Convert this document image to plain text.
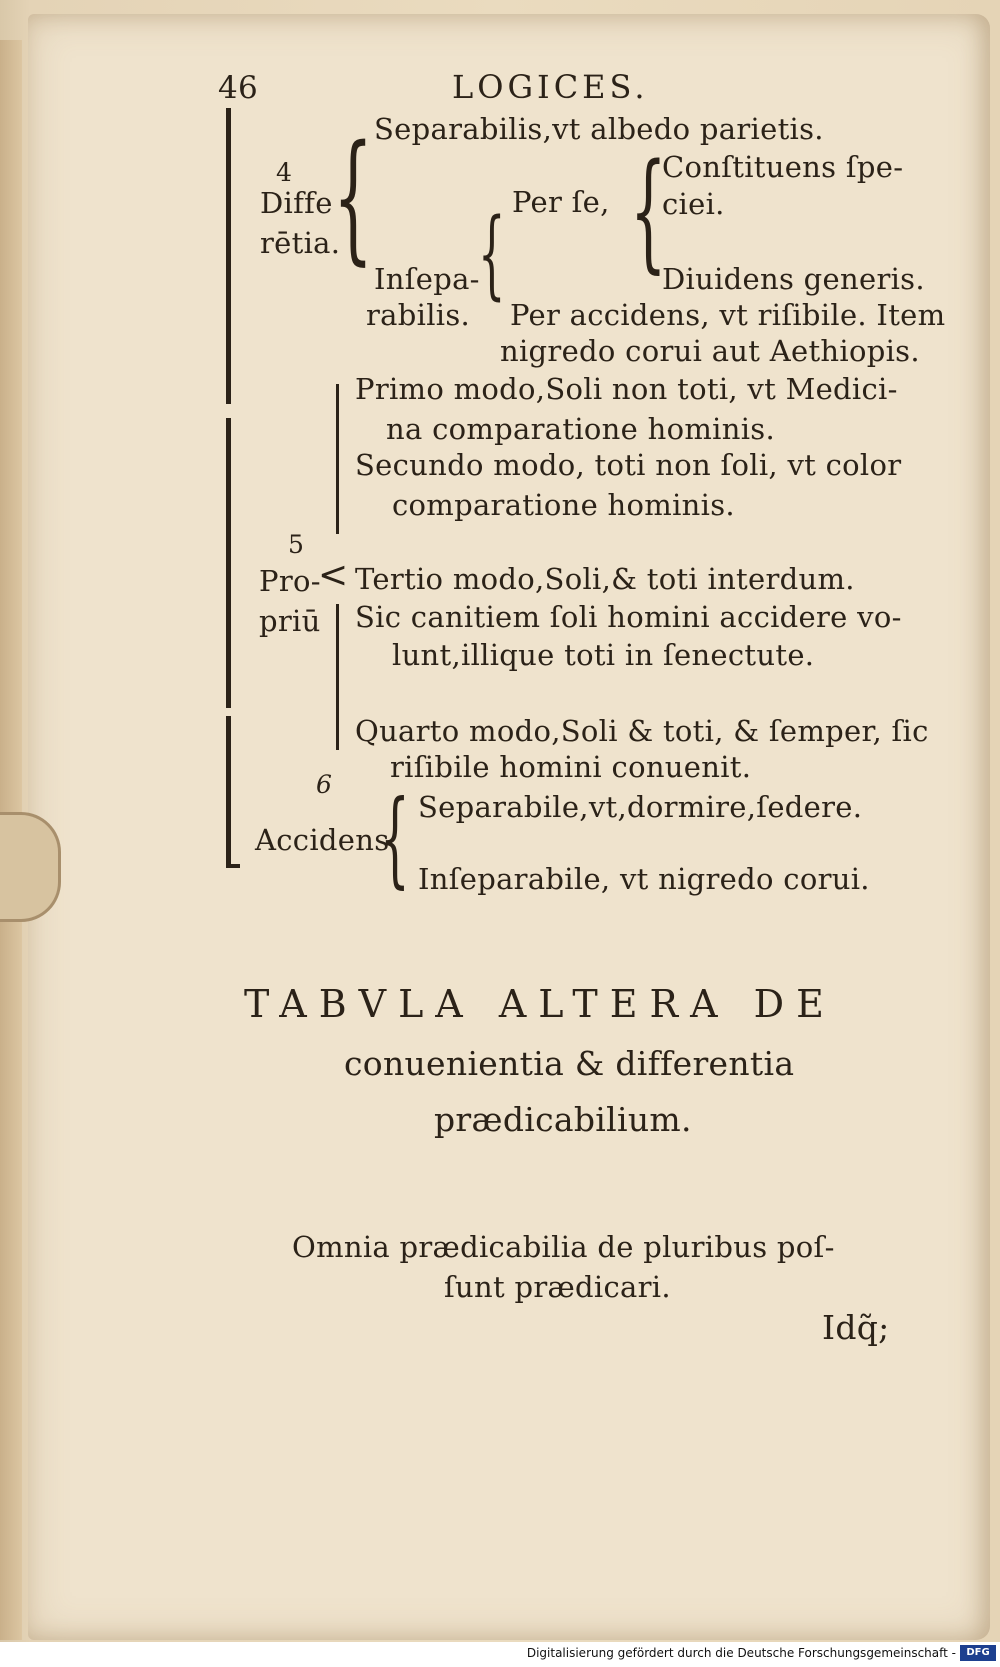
46	LOGICES.
4
Diffe
rētia.
{ Separabilis,vt albedo parietis.
Inſepa-
rabilis.
{ Per ſe, {
Conſtituens ſpe-
ciei.
Diuidens generis.
Per accidens, vt riſibile. Item
nigredo corui aut Aethiopis.
5
Pro-
priū
<
Primo modo,Soli non toti, vt Medici-
na comparatione hominis.
Secundo modo, toti non ſoli, vt color
comparatione hominis.
Tertio modo,Soli,& toti interdum.
Sic canitiem ſoli homini accidere vo-
lunt,illique toti in ſenectute.
Quarto modo,Soli & toti, & ſemper, ſic
riſibile homini conuenit.
6
Accidens
{ Separabile,vt,dormire,ſedere.
Inſeparabile, vt nigredo corui.
TABVLA ALTERA DE
conuenientia & differentia
prædicabilium.
Omnia prædicabilia de pluribus poſ-
ſunt prædicari.
Idq̃;
Digitalisierung gefördert durch die Deutsche Forschungsgemeinschaft -	DFG
